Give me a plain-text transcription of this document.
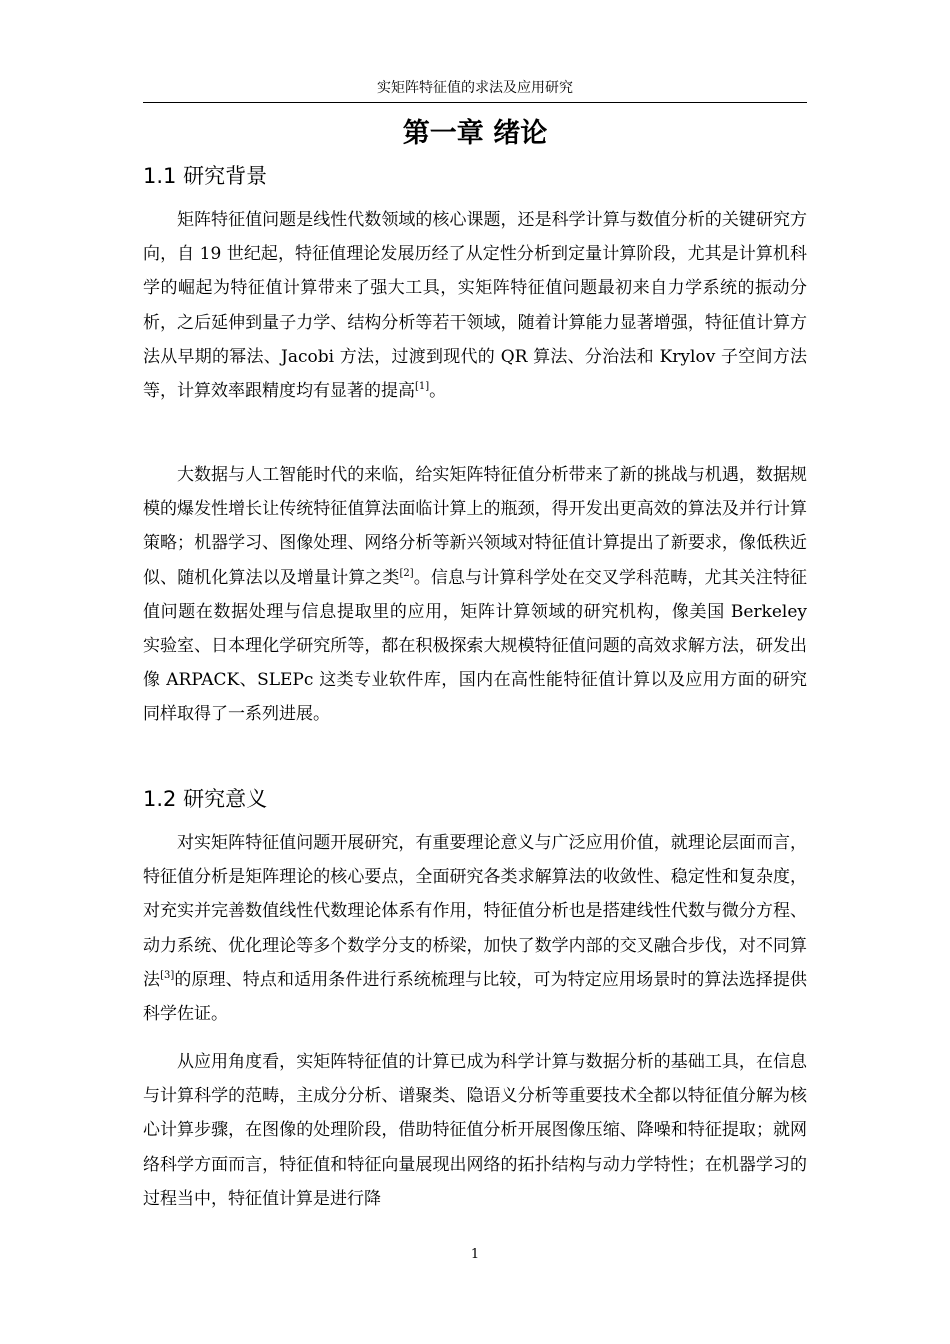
实矩阵特征值的求法及应用研究
第一章 绪论
1.1 研究背景

矩阵特征值问题是线性代数领域的核心课题，还是科学计算与数值分析的关键研究方向，自 19 世纪起，特征值理论发展历经了从定性分析到定量计算阶段，尤其是计算机科学的崛起为特征值计算带来了强大工具，实矩阵特征值问题最初来自力学系统的振动分析，之后延伸到量子力学、结构分析等若干领域，随着计算能力显著增强，特征值计算方法从早期的幂法、Jacobi 方法，过渡到现代的 QR 算法、分治法和 Krylov 子空间方法等，计算效率跟精度均有显著的提高[1]。

大数据与人工智能时代的来临，给实矩阵特征值分析带来了新的挑战与机遇，数据规模的爆发性增长让传统特征值算法面临计算上的瓶颈，得开发出更高效的算法及并行计算策略；机器学习、图像处理、网络分析等新兴领域对特征值计算提出了新要求，像低秩近似、随机化算法以及增量计算之类[2]。信息与计算科学处在交叉学科范畴，尤其关注特征值问题在数据处理与信息提取里的应用，矩阵计算领域的研究机构，像美国 Berkeley 实验室、日本理化学研究所等，都在积极探索大规模特征值问题的高效求解方法，研发出像 ARPACK、SLEPc 这类专业软件库，国内在高性能特征值计算以及应用方面的研究同样取得了一系列进展。

1.2 研究意义

对实矩阵特征值问题开展研究，有重要理论意义与广泛应用价值，就理论层面而言，特征值分析是矩阵理论的核心要点，全面研究各类求解算法的收敛性、稳定性和复杂度，对充实并完善数值线性代数理论体系有作用，特征值分析也是搭建线性代数与微分方程、动力系统、优化理论等多个数学分支的桥梁，加快了数学内部的交叉融合步伐，对不同算法[3]的原理、特点和适用条件进行系统梳理与比较，可为特定应用场景时的算法选择提供科学佐证。

从应用角度看，实矩阵特征值的计算已成为科学计算与数据分析的基础工具，在信息与计算科学的范畴，主成分分析、谱聚类、隐语义分析等重要技术全都以特征值分解为核心计算步骤，在图像的处理阶段，借助特征值分析开展图像压缩、降噪和特征提取；就网络科学方面而言，特征值和特征向量展现出网络的拓扑结构与动力学特性；在机器学习的过程当中，特征值计算是进行降

1
